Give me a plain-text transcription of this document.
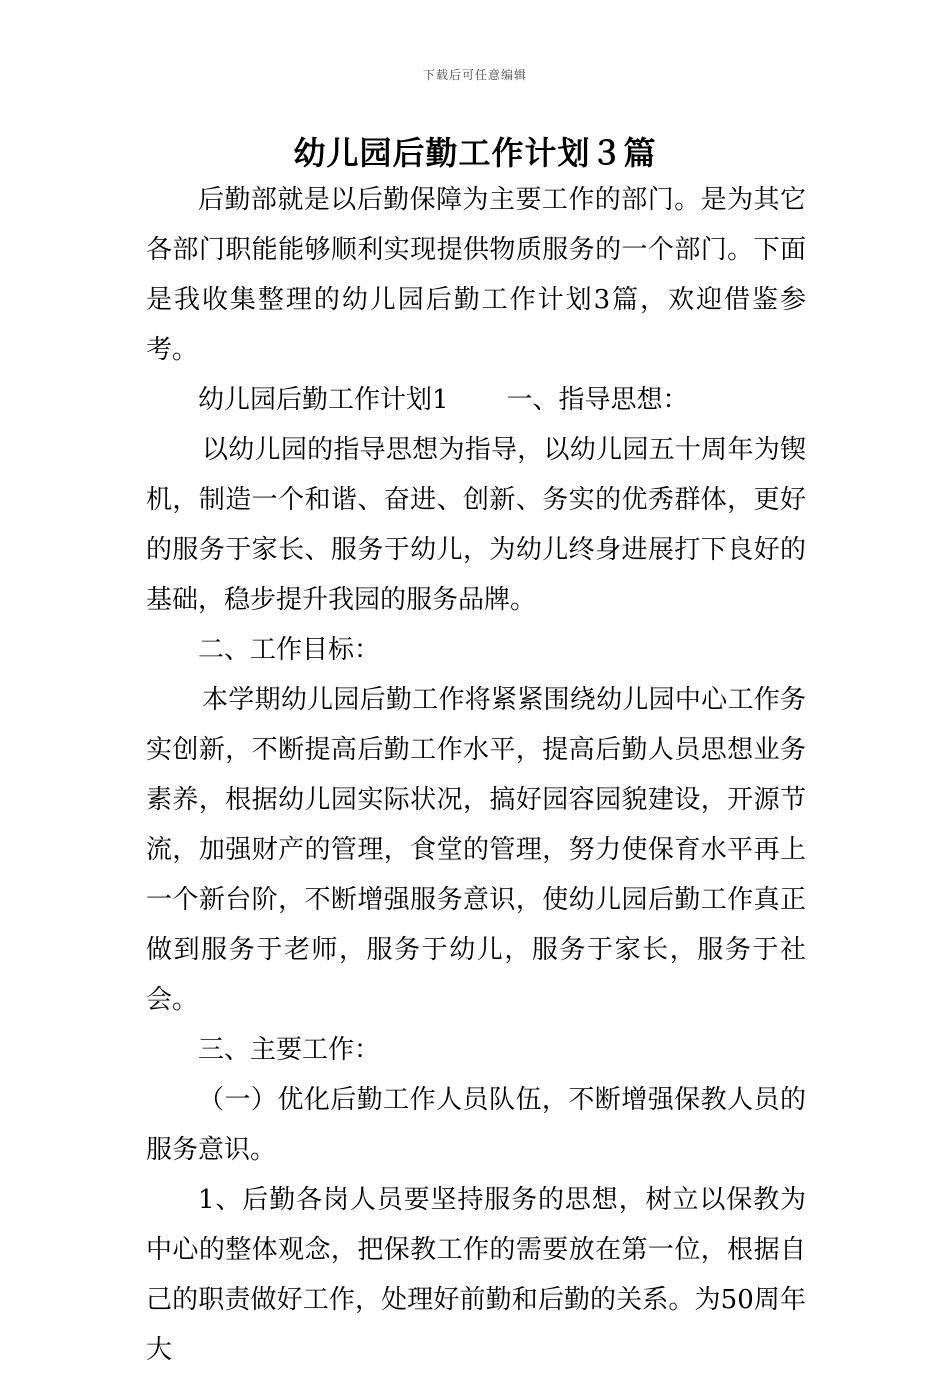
下载后可任意编辑
幼儿园后勤工作计划３篇

后勤部就是以后勤保障为主要工作的部门。是为其它各部门职能能够顺利实现提供物质服务的一个部门。下面是我收集整理的幼儿园后勤工作计划3篇，欢迎借鉴参考。

幼儿园后勤工作计划1 一、指导思想：

以幼儿园的指导思想为指导，以幼儿园五十周年为锲机，制造一个和谐、奋进、创新、务实的优秀群体，更好的服务于家长、服务于幼儿，为幼儿终身进展打下良好的基础，稳步提升我园的服务品牌。

二、工作目标：

本学期幼儿园后勤工作将紧紧围绕幼儿园中心工作务实创新，不断提高后勤工作水平，提高后勤人员思想业务素养，根据幼儿园实际状况，搞好园容园貌建设，开源节流，加强财产的管理，食堂的管理，努力使保育水平再上一个新台阶，不断增强服务意识，使幼儿园后勤工作真正做到服务于老师，服务于幼儿，服务于家长，服务于社会。

三、主要工作：

（一）优化后勤工作人员队伍，不断增强保教人员的服务意识。

1、后勤各岗人员要坚持服务的思想，树立以保教为中心的整体观念，把保教工作的需要放在第一位，根据自己的职责做好工作，处理好前勤和后勤的关系。为50周年大
